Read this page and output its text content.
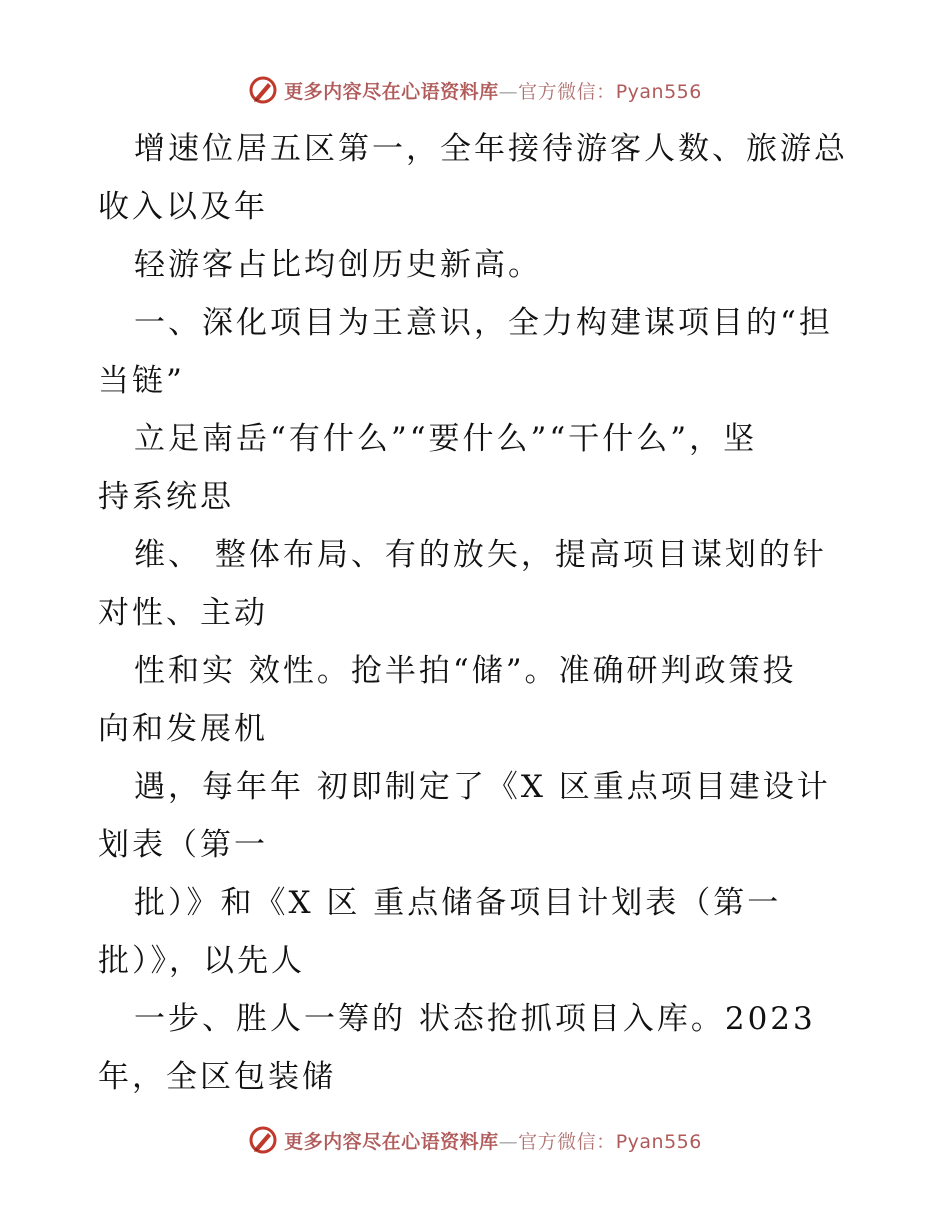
更多内容尽在心语资料库—官方微信：Pyan556
增速位居五区第一，全年接待游客人数、旅游总
收入以及年
轻游客占比均创历史新高。
一、深化项目为王意识，全力构建谋项目的“担
当链”
立足南岳“有什么”“要什么”“干什么”，坚
持系统思
维、 整体布局、有的放矢，提高项目谋划的针
对性、主动
性和实 效性。抢半拍“储”。准确研判政策投
向和发展机
遇，每年年 初即制定了《X 区重点项目建设计
划表（第一
批）》和《X 区 重点储备项目计划表（第一
批）》，以先人
一步、胜人一筹的 状态抢抓项目入库。2023
年，全区包装储
更多内容尽在心语资料库—官方微信：Pyan556
